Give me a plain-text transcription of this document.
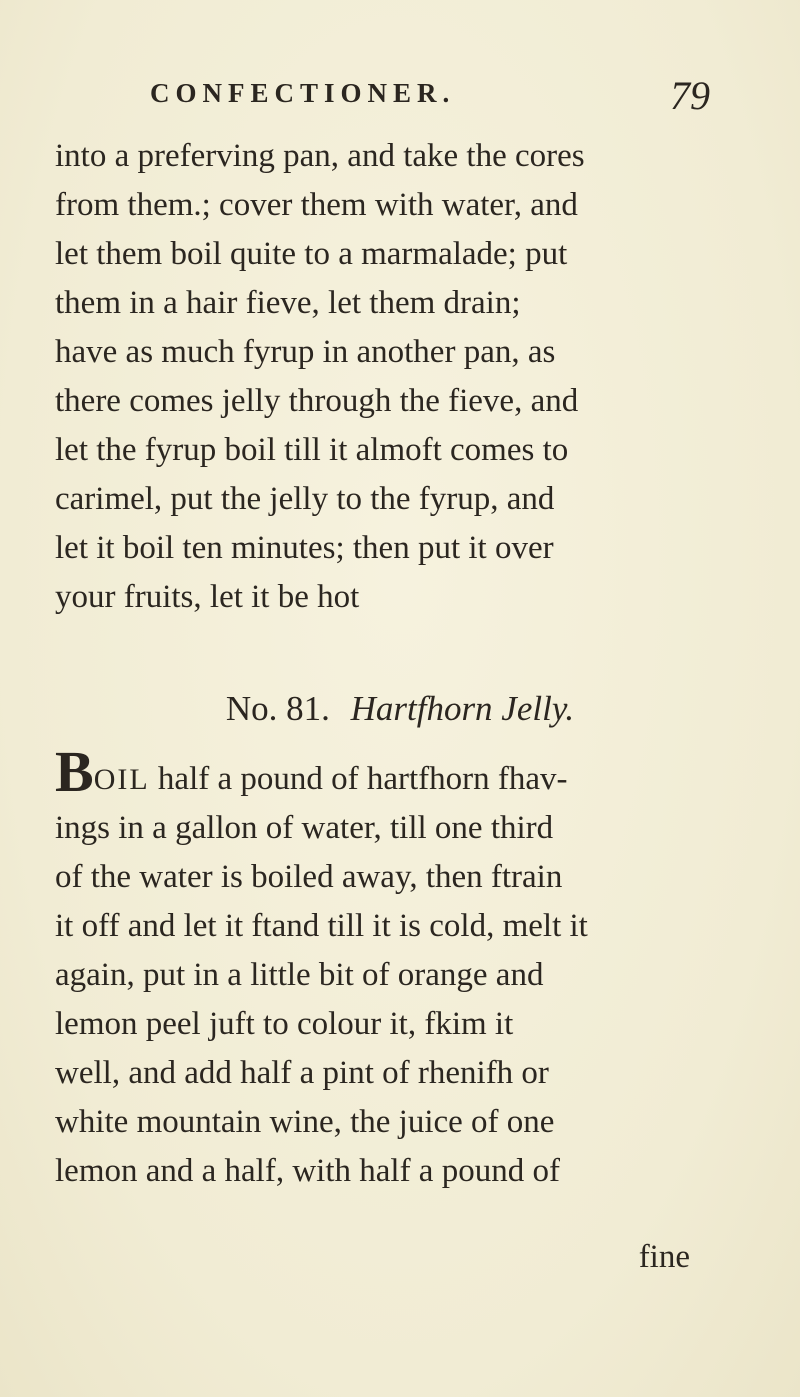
CONFECTIONER.	79
into a preferving pan, and take the cores
from them.; cover them with water, and
let them boil quite to a marmalade; put
them in a hair fieve, let them drain;
have as much fyrup in another pan, as
there comes jelly through the fieve, and
let the fyrup boil till it almoft comes to
carimel, put the jelly to the fyrup, and
let it boil ten minutes; then put it over
your fruits, let it be hot
No. 81. Hartfhorn Jelly.
BOIL half a pound of hartfhorn fhav-
ings in a gallon of water, till one third
of the water is boiled away, then ftrain
it off and let it ftand till it is cold, melt it
again, put in a little bit of orange and
lemon peel juft to colour it, fkim it
well, and add half a pint of rhenifh or
white mountain wine, the juice of one
lemon and a half, with half a pound of
fine
